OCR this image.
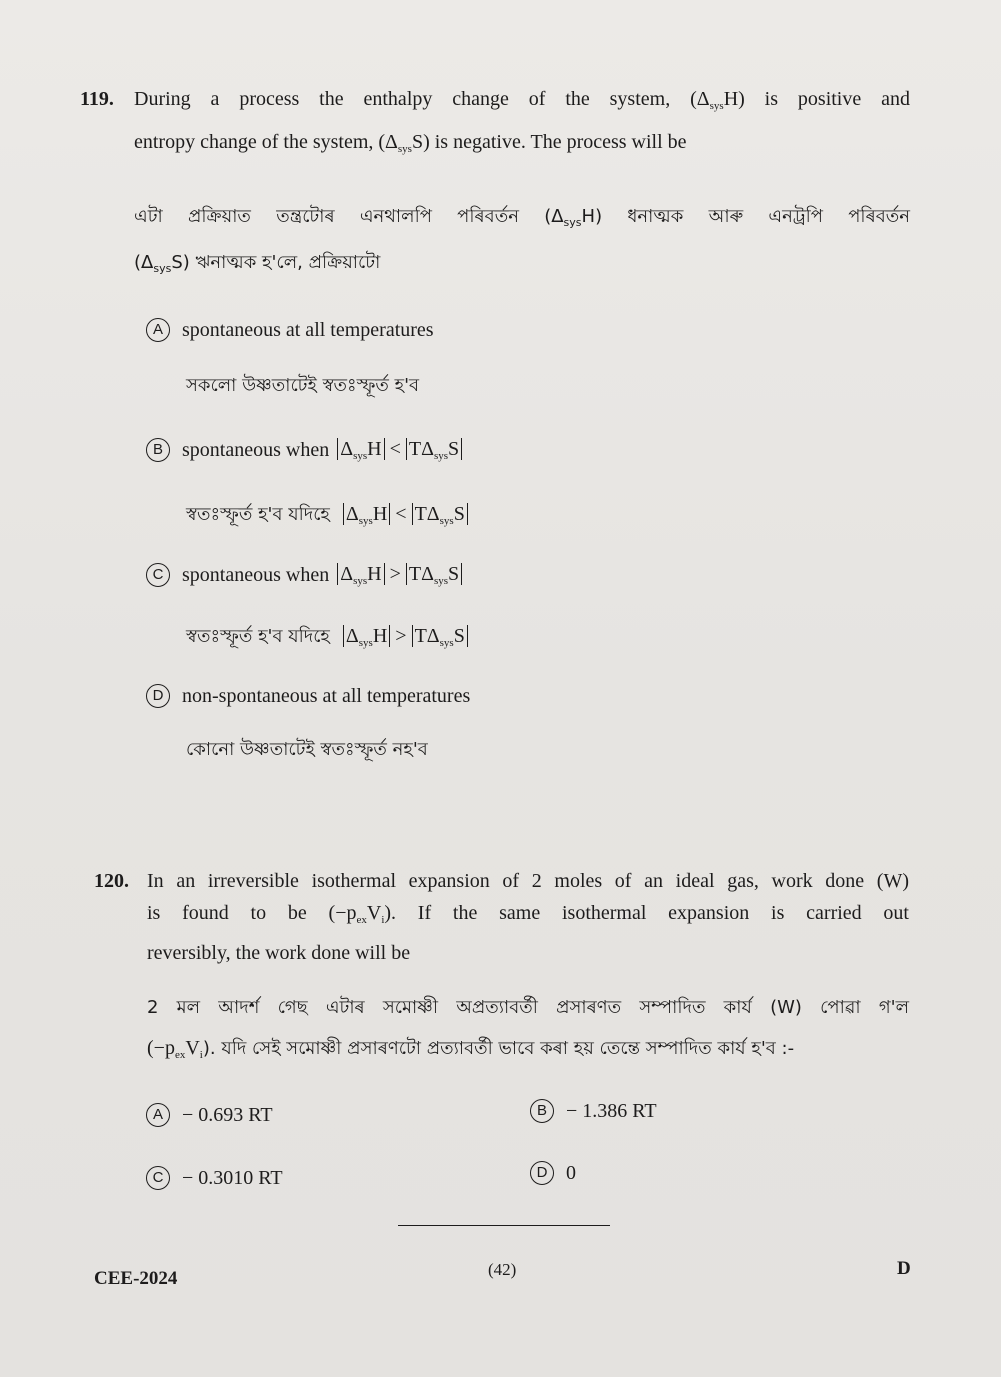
119. During a process the enthalpy change of the system, $(\Delta_{sys}H)$ is positive and
entropy change of the system, $(\Delta_{sys}S)$ is negative. The process will be
এটা প্ৰক্ৰিয়াত তন্ত্ৰটোৰ এনথালপি পৰিবৰ্তন $(\Delta_{sys}H)$ ধনাত্মক আৰু এনট্ৰপি পৰিবৰ্তন
$(\Delta_{sys}S)$ ঋনাত্মক হ'লে, প্ৰক্ৰিয়াটো
A spontaneous at all temperatures
সকলো উষ্ণতাটেই স্বতঃস্ফূৰ্ত হ'ব
B spontaneous when $\Delta_{sys}H < T\Delta_{sys}S$
স্বতঃস্ফূৰ্ত হ'ব যদিহে $\Delta_{sys}H < T\Delta_{sys}S$
C spontaneous when $\Delta_{sys}H > T\Delta_{sys}S$
স্বতঃস্ফূৰ্ত হ'ব যদিহে $\Delta_{sys}H > T\Delta_{sys}S$
D non-spontaneous at all temperatures
কোনো উষ্ণতাটেই স্বতঃস্ফূৰ্ত নহ'ব
120. In an irreversible isothermal expansion of 2 moles of an ideal gas, work done (W)
is found to be $(-p_{ex}V_i)$. If the same isothermal expansion is carried out
reversibly, the work done will be
2 মল আদৰ্শ গেছ এটাৰ সমোষ্ণী অপ্ৰত্যাবৰ্তী প্ৰসাৰণত সম্পাদিত কাৰ্য (W) পোৱা গ'ল
$(-p_{ex}V_i)$. যদি সেই সমোষ্ণী প্ৰসাৰণটো প্ৰত্যাবৰ্তী ভাবে কৰা হয় তেন্তে সম্পাদিত কাৰ্য হ'ব :-
A − 0.693 RT	B − 1.386 RT
C − 0.3010 RT	D 0
CEE-2024	(42)	D
